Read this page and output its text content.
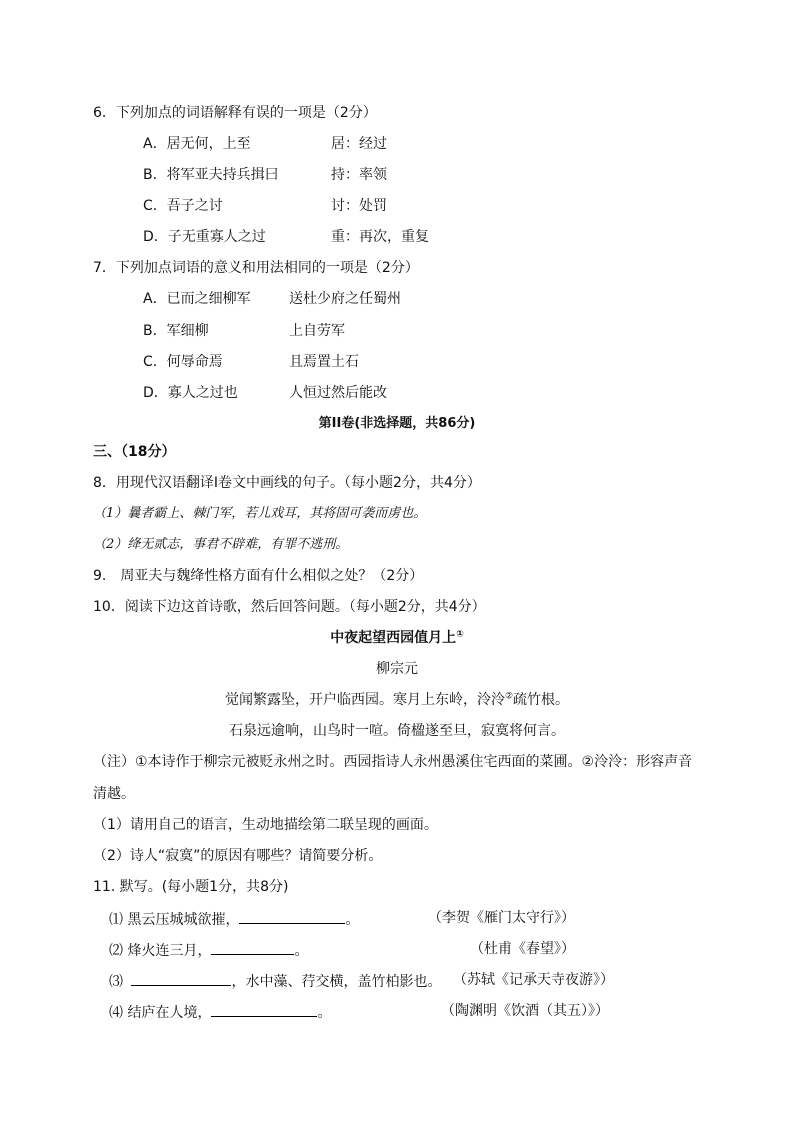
6．下列加点的词语解释有误的一项是（2分）
A．居无何，上至	居：经过
B．将军亚夫持兵揖曰	持：率领
C．吾子之讨	讨：处罚
D．子无重寡人之过	重：再次，重复
7．下列加点词语的意义和用法相同的一项是（2分）
A．已而之细柳军	送杜少府之任蜀州
B．军细柳	上自劳军
C．何辱命焉	且焉置土石
D．寡人之过也	人恒过然后能改
第II卷(非选择题，共86分)
三、（18分）
8．用现代汉语翻译Ⅰ卷文中画线的句子。（每小题2分，共4分）
（1）曩者霸上、棘门军，若儿戏耳，其将固可袭而虏也。
（2）绛无贰志，事君不辟难，有罪不逃刑。
9.　周亚夫与魏绛性格方面有什么相似之处？（2分）
10．阅读下边这首诗歌，然后回答问题。（每小题2分，共4分）
中夜起望西园值月上①
柳宗元
觉闻繁露坠，开户临西园。寒月上东岭，泠泠②疏竹根。
石泉远逾响，山鸟时一喧。倚楹遂至旦，寂寞将何言。
（注）①本诗作于柳宗元被贬永州之时。西园指诗人永州愚溪住宅西面的菜圃。②泠泠：形容声音
清越。
（1）请用自己的语言，生动地描绘第二联呈现的画面。
（2）诗人“寂寞”的原因有哪些？请简要分析。
11. 默写。(每小题1分，共8分)
⑴ 黑云压城城欲摧，	。	（李贺《雁门太守行》）
⑵ 烽火连三月，	。	（杜甫《春望》）
⑶	，水中藻、荇交横，盖竹柏影也。 （苏轼《记承天寺夜游》）
⑷ 结庐在人境，	。	（陶渊明《饮酒（其五）》）
